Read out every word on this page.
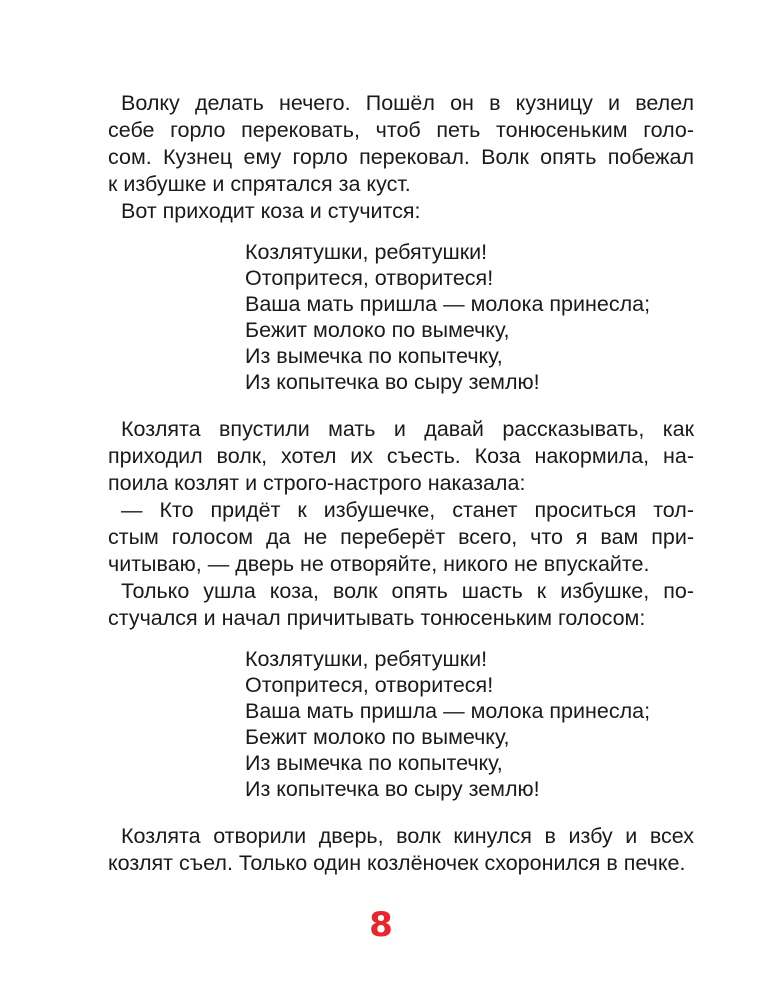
Волку делать нечего. Пошёл он в кузницу и велел
себе горло перековать, чтоб петь тонюсеньким голо-
сом. Кузнец ему горло перековал. Волк опять побежал
к избушке и спрятался за куст.
Вот приходит коза и стучится:
Козлятушки, ребятушки!
Отопритеся, отворитеся!
Ваша мать пришла — молока принесла;
Бежит молоко по вымечку,
Из вымечка по копытечку,
Из копытечка во сыру землю!
Козлята впустили мать и давай рассказывать, как
приходил волк, хотел их съесть. Коза накормила, на-
поила козлят и строго-настрого наказала:
— Кто придёт к избушечке, станет проситься тол-
стым голосом да не переберёт всего, что я вам при-
читываю, — дверь не отворяйте, никого не впускайте.
Только ушла коза, волк опять шасть к избушке, по-
стучался и начал причитывать тонюсеньким голосом:
Козлятушки, ребятушки!
Отопритеся, отворитеся!
Ваша мать пришла — молока принесла;
Бежит молоко по вымечку,
Из вымечка по копытечку,
Из копытечка во сыру землю!
Козлята отворили дверь, волк кинулся в избу и всех
козлят съел. Только один козлёночек схоронился в печке.
8
